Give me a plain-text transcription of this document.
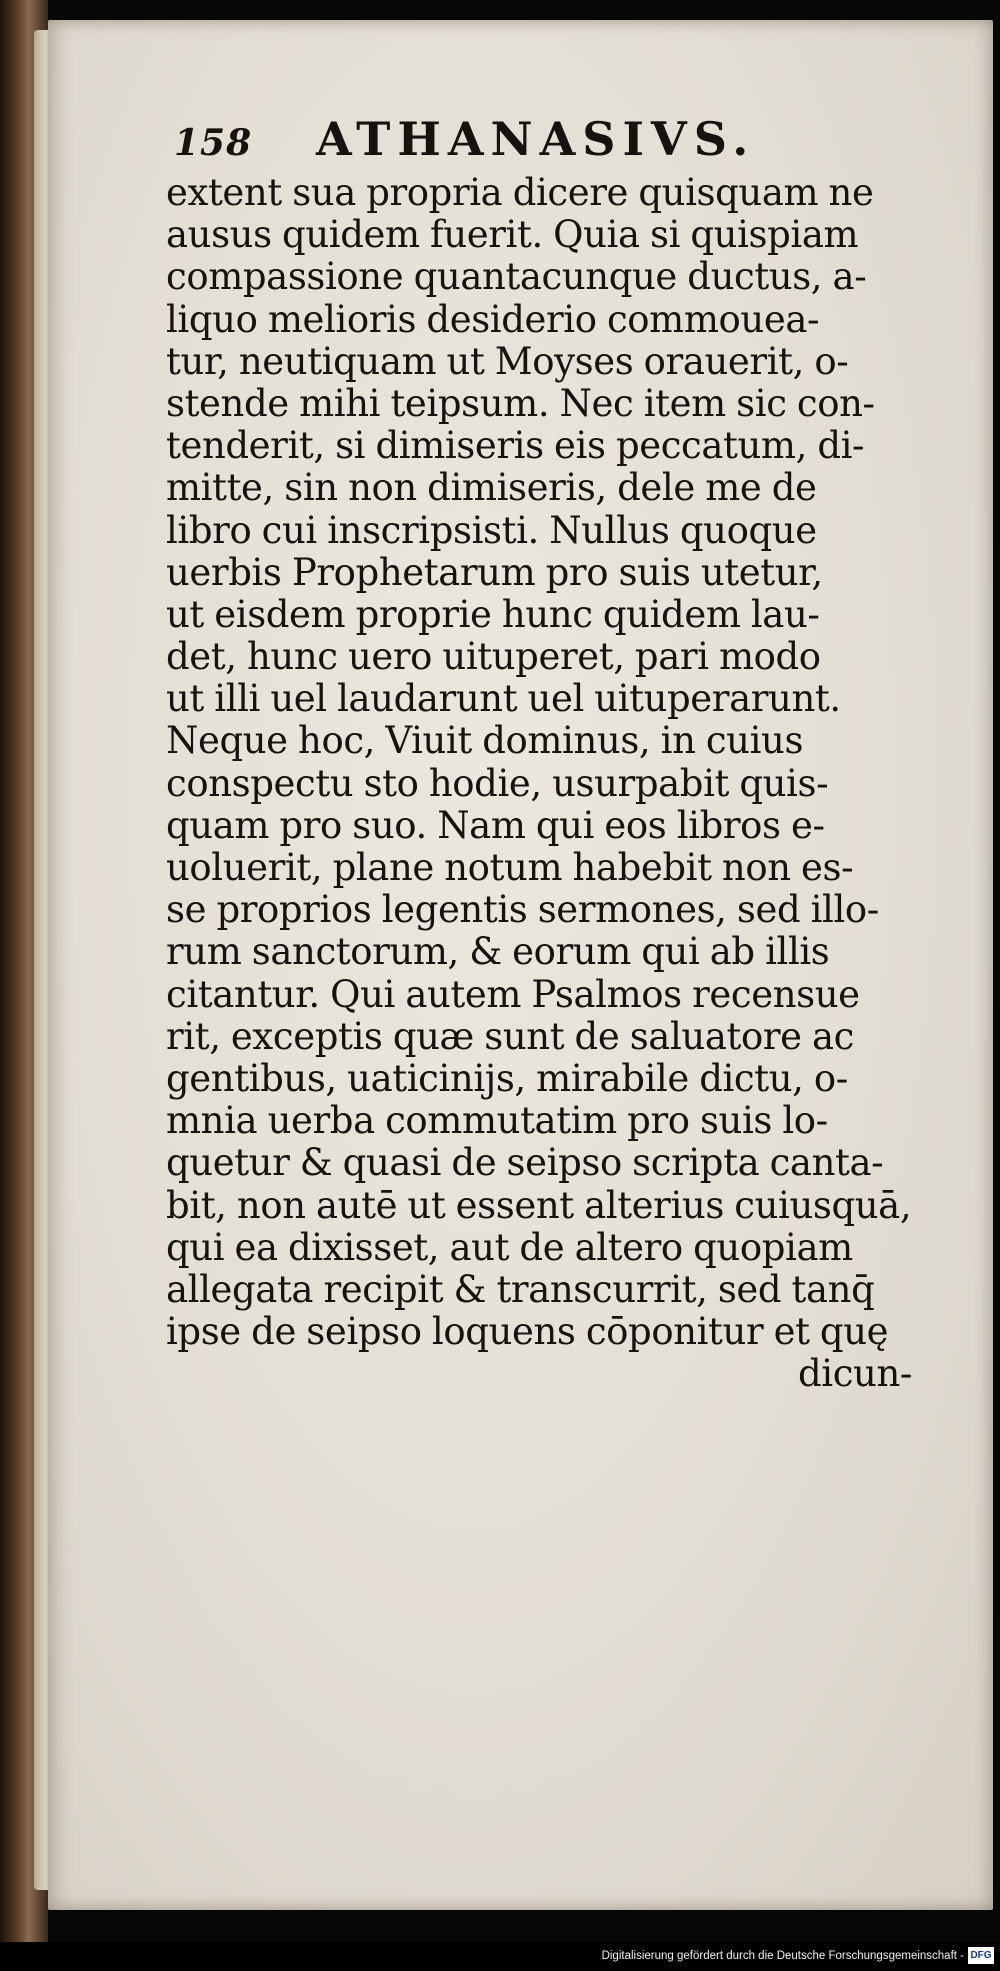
158 ATHANASIVS.
extent sua propria dicere quisquam ne
ausus quidem fuerit. Quia si quispiam
compassione quantacunque ductus, a-
liquo melioris desiderio commouea-
tur, neutiquam ut Moyses orauerit, o-
stende mihi teipsum. Nec item sic con-
tenderit, si dimiseris eis peccatum, di-
mitte, sin non dimiseris, dele me de
libro cui inscripsisti. Nullus quoque
uerbis Prophetarum pro suis utetur,
ut eisdem proprie hunc quidem lau-
det, hunc uero uituperet, pari modo
ut illi uel laudarunt uel uituperarunt.
Neque hoc, Viuit dominus, in cuius
conspectu sto hodie, usurpabit quis-
quam pro suo. Nam qui eos libros e-
uoluerit, plane notum habebit non es-
se proprios legentis sermones, sed illo-
rum sanctorum, & eorum qui ab illis
citantur. Qui autem Psalmos recensue
rit, exceptis quæ sunt de saluatore ac
gentibus, uaticinijs, mirabile dictu, o-
mnia uerba commutatim pro suis lo-
quetur & quasi de seipso scripta canta-
bit, non autē ut essent alterius cuiusquā,
qui ea dixisset, aut de altero quopiam
allegata recipit & transcurrit, sed tanq̄
ipse de seipso loquens cōponitur et quę
dicun-
Digitalisierung gefördert durch die Deutsche Forschungsgemeinschaft - DFG
